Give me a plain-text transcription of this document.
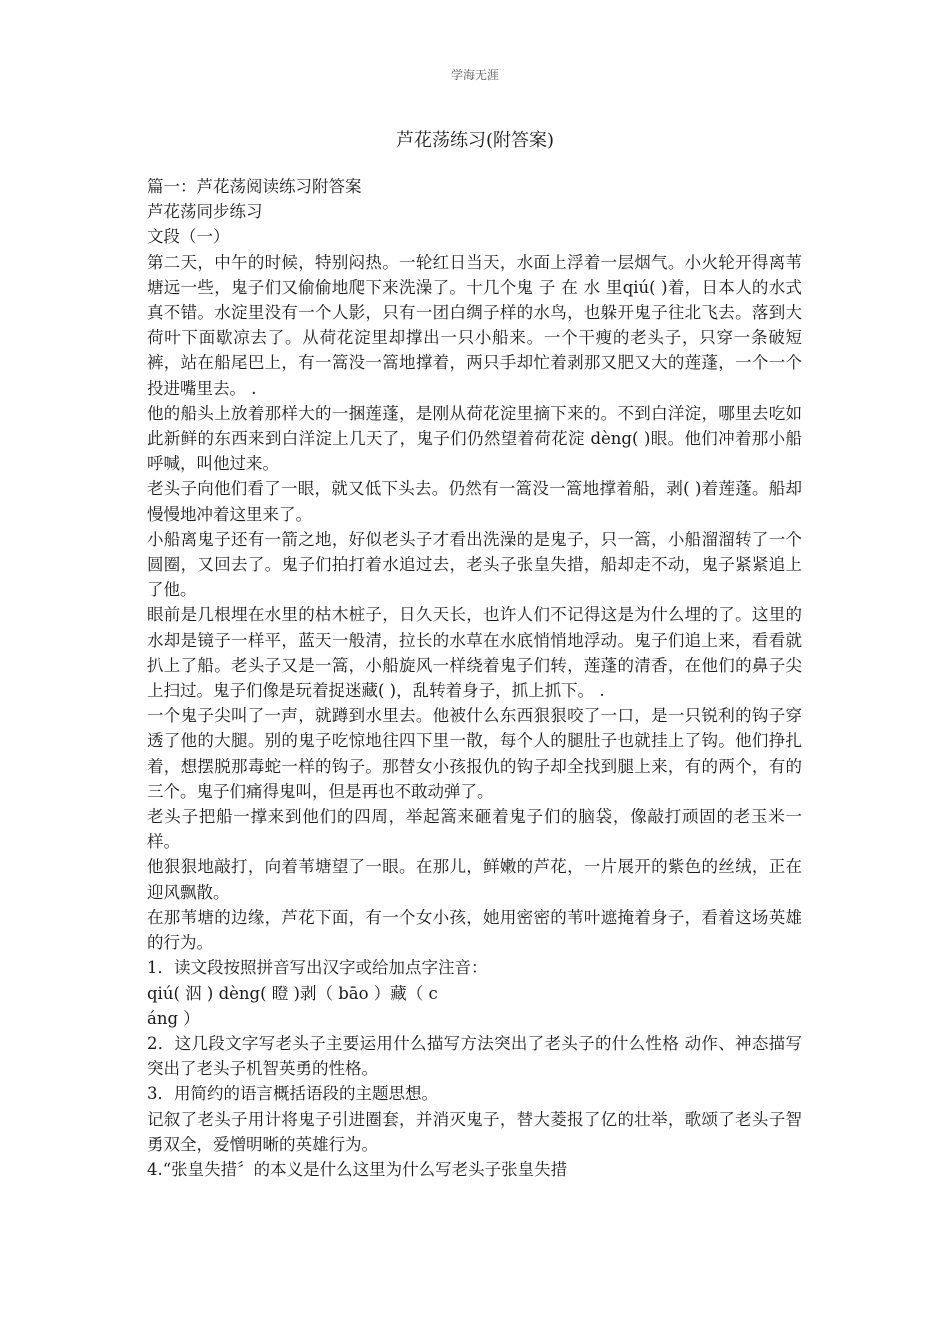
学海无涯
芦花荡练习(附答案)

篇一：芦花荡阅读练习附答案

芦花荡同步练习

文段（一）

第二天，中午的时候，特别闷热。一轮红日当天，水面上浮着一层烟气。小火轮开得离苇塘远一些，鬼子们又偷偷地爬下来洗澡了。十几个鬼 子 在 水 里qiú( )着，日本人的水式真不错。水淀里没有一个人影，只有一团白绸子样的水鸟，也躲开鬼子往北飞去。落到大荷叶下面歇凉去了。从荷花淀里却撑出一只小船来。一个干瘦的老头子，只穿一条破短裤，站在船尾巴上，有一篙没一篙地撑着，两只手却忙着剥那又肥又大的莲蓬，一个一个投进嘴里去。 .

他的船头上放着那样大的一捆莲蓬，是刚从荷花淀里摘下来的。不到白洋淀，哪里去吃如此新鲜的东西来到白洋淀上几天了，鬼子们仍然望着荷花淀 dèng( )眼。他们冲着那小船呼喊，叫他过来。

老头子向他们看了一眼，就又低下头去。仍然有一篙没一篙地撑着船，剥( )着莲蓬。船却慢慢地冲着这里来了。

小船离鬼子还有一箭之地，好似老头子才看出洗澡的是鬼子，只一篙，小船溜溜转了一个圆圈，又回去了。鬼子们拍打着水追过去，老头子张皇失措，船却走不动，鬼子紧紧追上了他。

眼前是几根埋在水里的枯木桩子，日久天长，也许人们不记得这是为什么埋的了。这里的水却是镜子一样平，蓝天一般清，拉长的水草在水底悄悄地浮动。鬼子们追上来，看看就扒上了船。老头子又是一篙，小船旋风一样绕着鬼子们转，莲蓬的清香，在他们的鼻子尖上扫过。鬼子们像是玩着捉迷藏( )，乱转着身子，抓上抓下。 .

一个鬼子尖叫了一声，就蹲到水里去。他被什么东西狠狠咬了一口，是一只锐利的钩子穿透了他的大腿。别的鬼子吃惊地往四下里一散，每个人的腿肚子也就挂上了钩。他们挣扎着，想摆脱那毒蛇一样的钩子。那替女小孩报仇的钩子却全找到腿上来，有的两个，有的三个。鬼子们痛得鬼叫，但是再也不敢动弹了。

老头子把船一撑来到他们的四周，举起篙来砸着鬼子们的脑袋，像敲打顽固的老玉米一样。

他狠狠地敲打，向着苇塘望了一眼。在那儿，鲜嫩的芦花，一片展开的紫色的丝绒，正在迎风飘散。

在那苇塘的边缘，芦花下面，有一个女小孩，她用密密的苇叶遮掩着身子，看着这场英雄的行为。

1．读文段按照拼音写出汉字或给加点字注音：

qiú( 泅 ) dèng( 瞪 )剥（ bāo ）藏（ c

áng ）

2．这几段文字写老头子主要运用什么描写方法突出了老头子的什么性格 动作、神态描写突出了老头子机智英勇的性格。

3．用简约的语言概括语段的主题思想。

记叙了老头子用计将鬼子引进圈套，并消灭鬼子，替大菱报了亿的壮举，歌颂了老头子智勇双全，爱憎明晰的英雄行为。

4.“张皇失措〞的本义是什么这里为什么写老头子张皇失措
